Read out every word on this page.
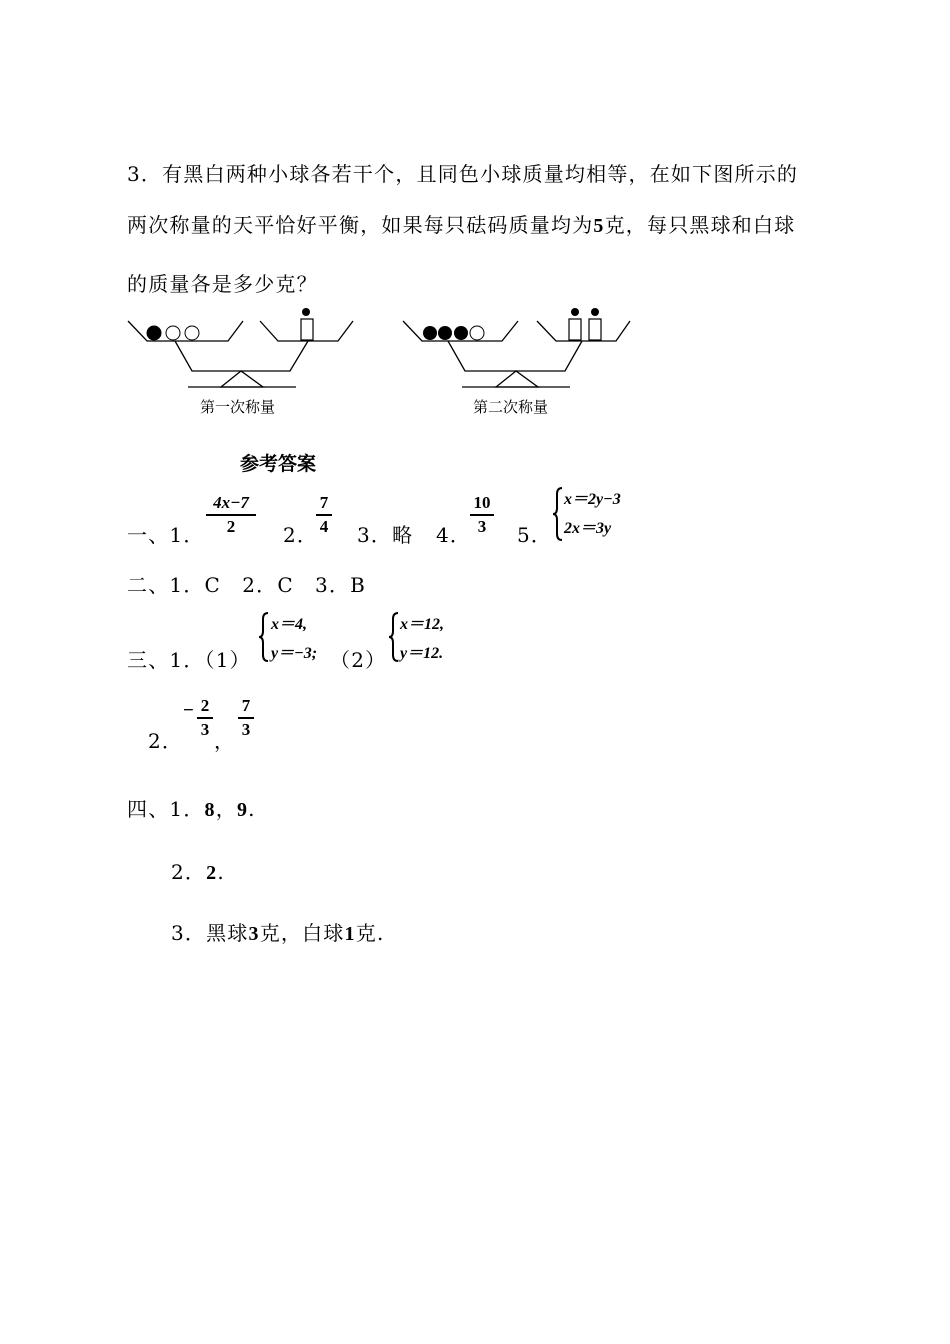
3．有黑白两种小球各若干个，且同色小球质量均相等，在如下图所示的
两次称量的天平恰好平衡，如果每只砝码质量均为5克，每只黑球和白球
的质量各是多少克？
第一次称量	第二次称量
参考答案
一、1．
4x−7
2	2．
7
4 3．略 4．
10
3	5．
x＝2y−3
2x＝3y
二、1．C　2．C　3．B
三、1．（1）
x＝4,
y＝−3; （2）
x＝12,
y＝12.
2．
− 2
3 ，
7
3
四、1．8，9.
2．2.
3．黑球3克，白球1克.
